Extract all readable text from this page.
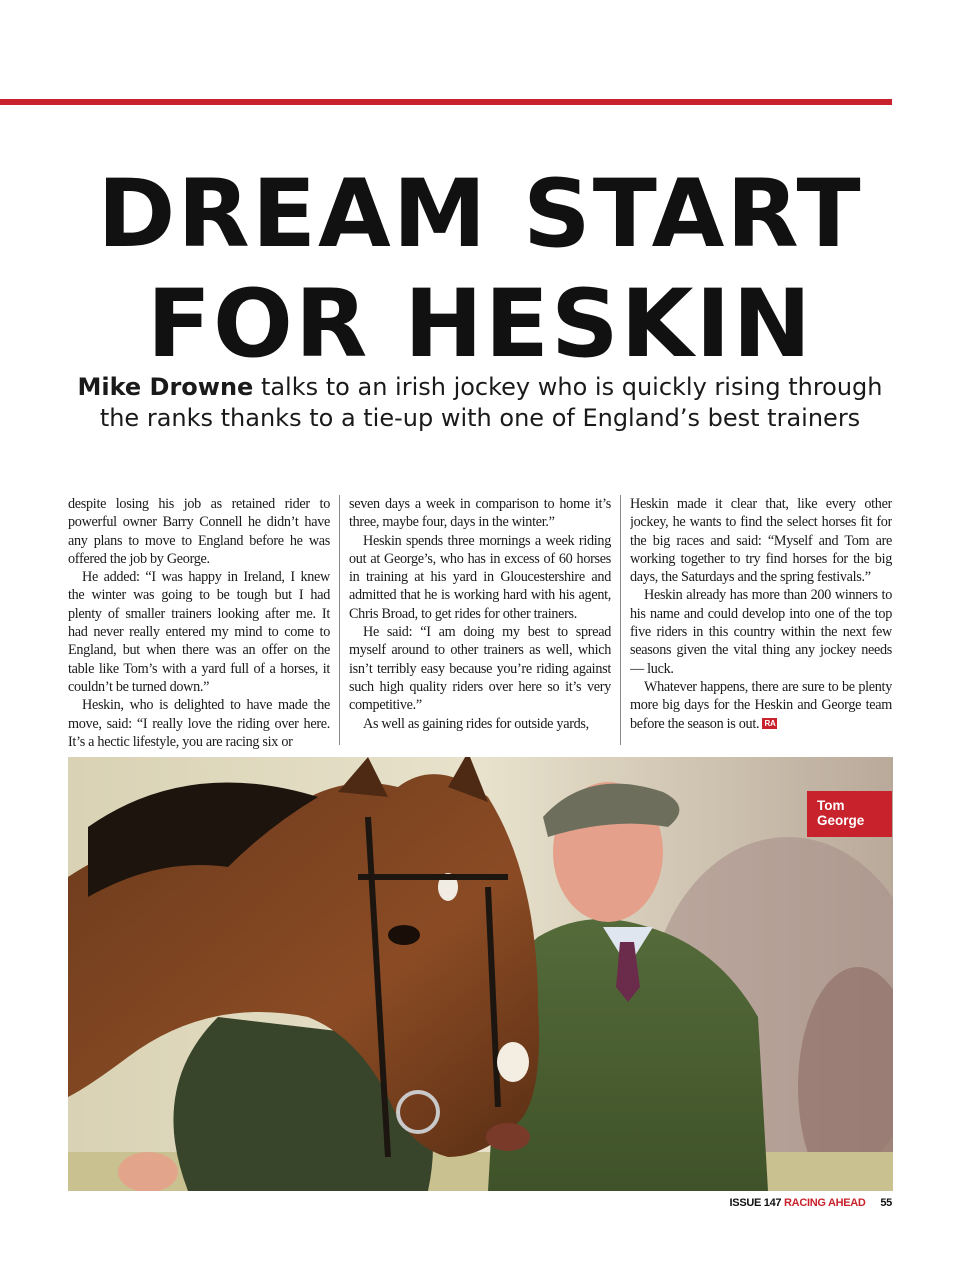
DREAM START
FOR HESKIN
Mike Drowne talks to an irish jockey who is quickly rising through the ranks thanks to a tie-up with one of England’s best trainers

despite losing his job as retained rider to powerful owner Barry Connell he didn’t have any plans to move to England before he was offered the job by George.

He added: “I was happy in Ireland, I knew the winter was going to be tough but I had plenty of smaller trainers looking after me. It had never really entered my mind to come to England, but when there was an offer on the table like Tom’s with a yard full of a horses, it couldn’t be turned down.”

Heskin, who is delighted to have made the move, said: “I really love the riding over here. It’s a hectic lifestyle, you are racing six or

seven days a week in comparison to home it’s three, maybe four, days in the winter.”

Heskin spends three mornings a week riding out at George’s, who has in excess of 60 horses in training at his yard in Gloucestershire and admitted that he is working hard with his agent, Chris Broad, to get rides for other trainers.

He said: “I am doing my best to spread myself around to other trainers as well, which isn’t terribly easy because you’re riding against such high quality riders over here so it’s very competitive.”

As well as gaining rides for outside yards,

Heskin made it clear that, like every other jockey, he wants to find the select horses fit for the big races and said: “Myself and Tom are working together to try find horses for the big days, the Saturdays and the spring festivals.”

Heskin already has more than 200 winners to his name and could develop into one of the top five riders in this country within the next few seasons given the vital thing any jockey needs — luck.

Whatever happens, there are sure to be plenty more big days for the Heskin and George team before the season is out. RA

Tom
George
ISSUE 147 RACING AHEAD 55
